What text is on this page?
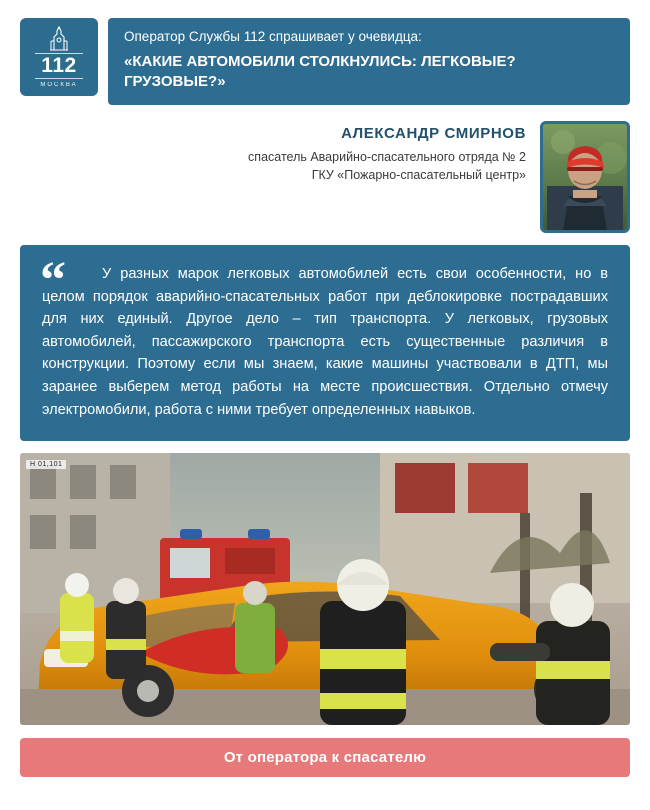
112
МОСКВА
Оператор Службы 112 спрашивает у очевидца:
«КАКИЕ АВТОМОБИЛИ СТОЛКНУЛИСЬ: ЛЕГКОВЫЕ? ГРУЗОВЫЕ?»
АЛЕКСАНДР СМИРНОВ
спасатель Аварийно-спасательного отряда № 2
ГКУ «Пожарно-спасательный центр»
“	У разных марок легковых автомобилей есть свои особенности, но в целом порядок аварийно-спасательных работ при деблокировке пострадавших для них единый. Другое дело – тип транспорта. У легковых, грузовых автомобилей, пассажирского транспорта есть существенные различия в конструкции. Поэтому если мы знаем, какие машины участвовали в ДТП, мы заранее выберем метод работы на месте происшествия. Отдельно отмечу электромобили, работа с ними требует определенных навыков.
Н 01,101
От оператора к спасателю
